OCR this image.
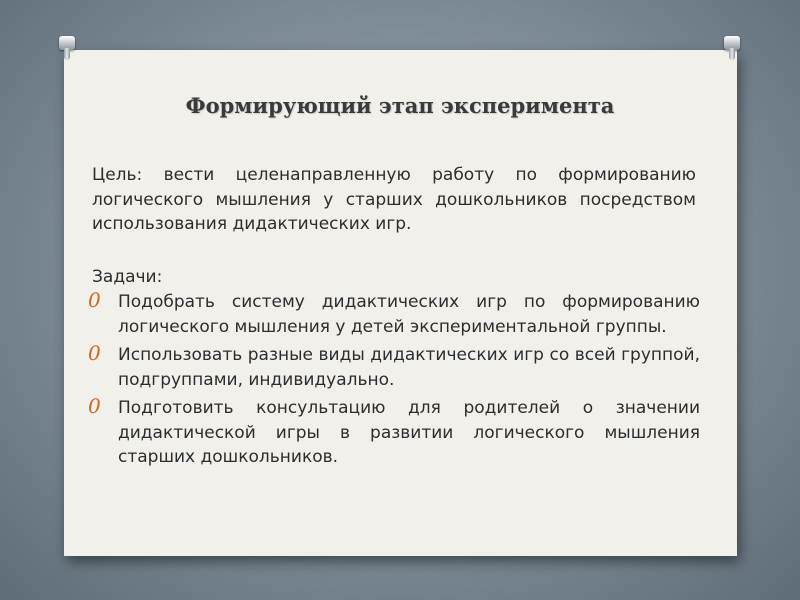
Формирующий этап эксперимента
Цель: вести целенаправленную работу по формированию логического мышления у старших дошкольников посредством использования дидактических игр.
Задачи:
0 Подобрать систему дидактических игр по формированию логического мышления у детей экспериментальной группы.
0 Использовать разные виды дидактических игр со всей группой, подгруппами, индивидуально.
0 Подготовить консультацию для родителей о значении дидактической игры в развитии логического мышления старших дошкольников.
